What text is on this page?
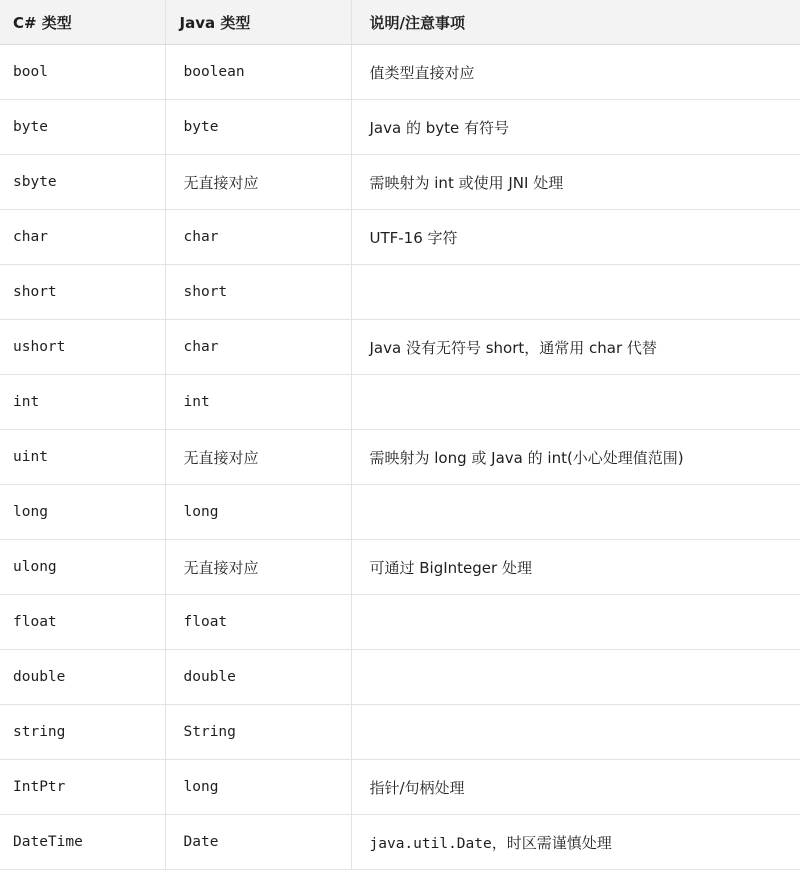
C# 类型	Java 类型	说明/注意事项
bool	boolean	值类型直接对应
byte	byte	Java 的 byte 有符号
sbyte	无直接对应	需映射为 int 或使用 JNI 处理
char	char	UTF-16 字符
short	short	
ushort	char	Java 没有无符号 short，通常用 char 代替
int	int	
uint	无直接对应	需映射为 long 或 Java 的 int(小心处理值范围)
long	long	
ulong	无直接对应	可通过 BigInteger 处理
float	float	
double	double	
string	String	
IntPtr	long	指针/句柄处理
DateTime	Date	java.util.Date，时区需谨慎处理
